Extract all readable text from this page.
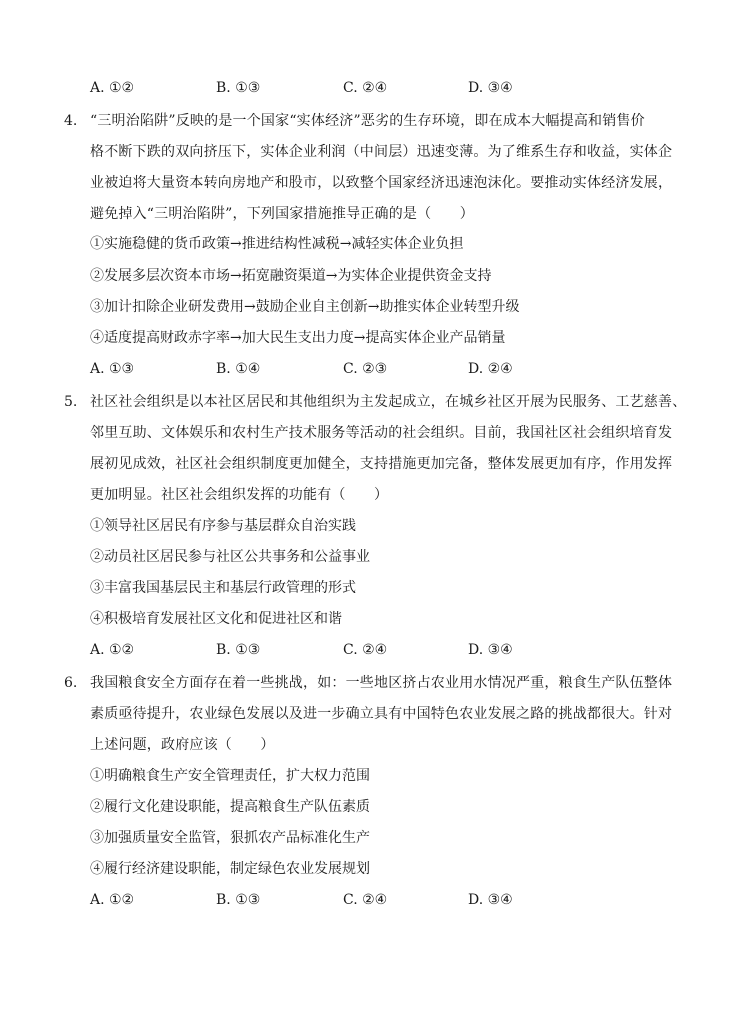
A. ①②	B. ①③	C. ②④	D. ③④
4. “三明治陷阱”反映的是一个国家“实体经济”恶劣的生存环境，即在成本大幅提高和销售价
格不断下跌的双向挤压下，实体企业利润（中间层）迅速变薄。为了维系生存和收益，实体企
业被迫将大量资本转向房地产和股市，以致整个国家经济迅速泡沫化。要推动实体经济发展，
避免掉入“三明治陷阱”，下列国家措施推导正确的是（　　）
①实施稳健的货币政策→推进结构性减税→减轻实体企业负担
②发展多层次资本市场→拓宽融资渠道→为实体企业提供资金支持
③加计扣除企业研发费用→鼓励企业自主创新→助推实体企业转型升级
④适度提高财政赤字率→加大民生支出力度→提高实体企业产品销量
A. ①③	B. ①④	C. ②③	D. ②④
5. 社区社会组织是以本社区居民和其他组织为主发起成立，在城乡社区开展为民服务、工艺慈善、
邻里互助、文体娱乐和农村生产技术服务等活动的社会组织。目前，我国社区社会组织培育发
展初见成效，社区社会组织制度更加健全，支持措施更加完备，整体发展更加有序，作用发挥
更加明显。社区社会组织发挥的功能有（　　）
①领导社区居民有序参与基层群众自治实践
②动员社区居民参与社区公共事务和公益事业
③丰富我国基层民主和基层行政管理的形式
④积极培育发展社区文化和促进社区和谐
A. ①②	B. ①③	C. ②④	D. ③④
6. 我国粮食安全方面存在着一些挑战，如：一些地区挤占农业用水情况严重，粮食生产队伍整体
素质亟待提升，农业绿色发展以及进一步确立具有中国特色农业发展之路的挑战都很大。针对
上述问题，政府应该（　　）
①明确粮食生产安全管理责任，扩大权力范围
②履行文化建设职能，提高粮食生产队伍素质
③加强质量安全监管，狠抓农产品标准化生产
④履行经济建设职能，制定绿色农业发展规划
A. ①②	B. ①③	C. ②④	D. ③④
